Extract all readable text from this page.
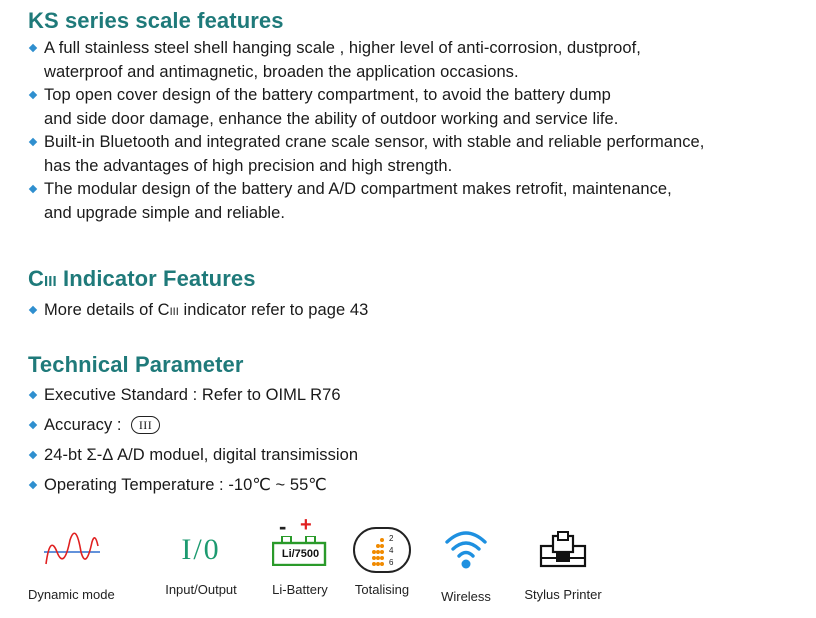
KS series scale features
A full stainless steel shell hanging scale , higher level of anti-corrosion, dustproof,
waterproof and antimagnetic, broaden the application occasions.
Top open cover design of the battery compartment, to avoid the battery dump
and side door damage, enhance the ability of outdoor working and service life.
Built-in Bluetooth and integrated crane scale sensor, with stable and reliable performance,
has the advantages of high precision and high strength.
The modular design of the battery and A/D compartment makes retrofit, maintenance,
and upgrade simple and reliable.
CIII Indicator Features
More details of CIII indicator refer to page 43
Technical Parameter
Executive Standard : Refer to OIML R76
Accuracy : III
24-bt Σ-Δ A/D moduel, digital transimission
Operating Temperature : -10℃ ~ 55℃
Dynamic mode
I/0
Input/Output
- +
Li/7500
Li-Battery
2
4
6
Totalising	Wireless	Stylus Printer
